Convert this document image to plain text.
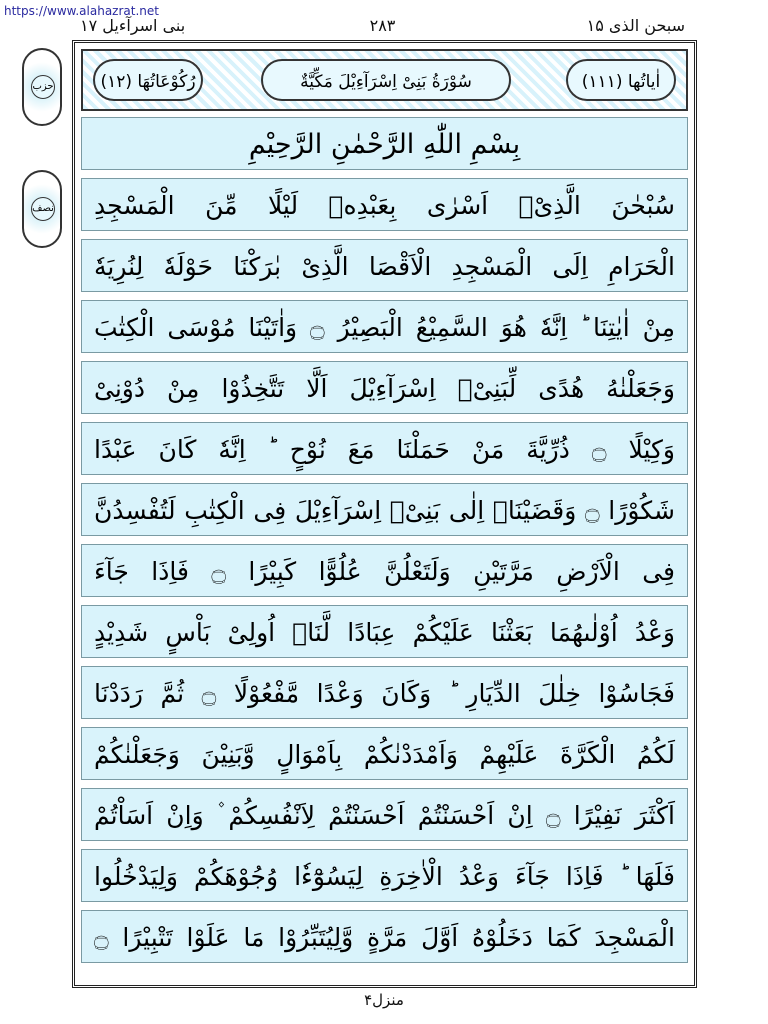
https://www.alahazrat.net
سبحن الذی ۱۵
۲۸۳
بنی اسرآءیل ۱۷
حزب
نصف
رُکُوْعَاتُهَا (۱۲)	سُوْرَةُ بَنِیْ اِسْرَآءِیْلَ مَکِّیَّةٌ	اٰیاتُها (۱۱۱)
بِسْمِ اللّٰهِ الرَّحْمٰنِ الرَّحِیْمِ
سُبْحٰنَ الَّذِیْۤ اَسْرٰی بِعَبْدِهٖ لَیْلًا مِّنَ الْمَسْجِدِ
الْحَرَامِ اِلَی الْمَسْجِدِ الْاَقْصَا الَّذِیْ بٰرَكْنَا حَوْلَهٗ لِنُرِیَهٗ
مِنْ اٰیٰتِنَا ؕ اِنَّهٗ هُوَ السَّمِیْعُ الْبَصِیْرُ ۝ وَاٰتَیْنَا مُوْسَی الْكِتٰبَ
وَجَعَلْنٰهُ هُدًی لِّبَنِیْۤ اِسْرَآءِیْلَ اَلَّا تَتَّخِذُوْا مِنْ دُوْنِیْ
وَكِیْلًا ۝ ذُرِّیَّةَ مَنْ حَمَلْنَا مَعَ نُوْحٍ ؕ اِنَّهٗ كَانَ عَبْدًا
شَكُوْرًا ۝ وَقَضَیْنَاۤ اِلٰی بَنِیْۤ اِسْرَآءِیْلَ فِی الْكِتٰبِ لَتُفْسِدُنَّ
فِی الْاَرْضِ مَرَّتَیْنِ وَلَتَعْلُنَّ عُلُوًّا كَبِیْرًا ۝ فَاِذَا جَآءَ
وَعْدُ اُوْلٰىهُمَا بَعَثْنَا عَلَیْكُمْ عِبَادًا لَّنَاۤ اُولِیْ بَاْسٍ شَدِیْدٍ
فَجَاسُوْا خِلٰلَ الدِّیَارِ ؕ وَكَانَ وَعْدًا مَّفْعُوْلًا ۝ ثُمَّ رَدَدْنَا
لَكُمُ الْكَرَّةَ عَلَیْهِمْ وَاَمْدَدْنٰكُمْ بِاَمْوَالٍ وَّبَنِیْنَ وَجَعَلْنٰكُمْ
اَكْثَرَ نَفِیْرًا ۝ اِنْ اَحْسَنْتُمْ اَحْسَنْتُمْ لِاَنْفُسِكُمْ ۫ وَاِنْ اَسَاْتُمْ
فَلَهَا ؕ فَاِذَا جَآءَ وَعْدُ الْاٰخِرَةِ لِیَسُوْٓءٗا وُجُوْهَكُمْ وَلِیَدْخُلُوا
الْمَسْجِدَ كَمَا دَخَلُوْهُ اَوَّلَ مَرَّةٍ وَّلِیُتَبِّرُوْا مَا عَلَوْا تَتْبِیْرًا ۝
منزل۴
